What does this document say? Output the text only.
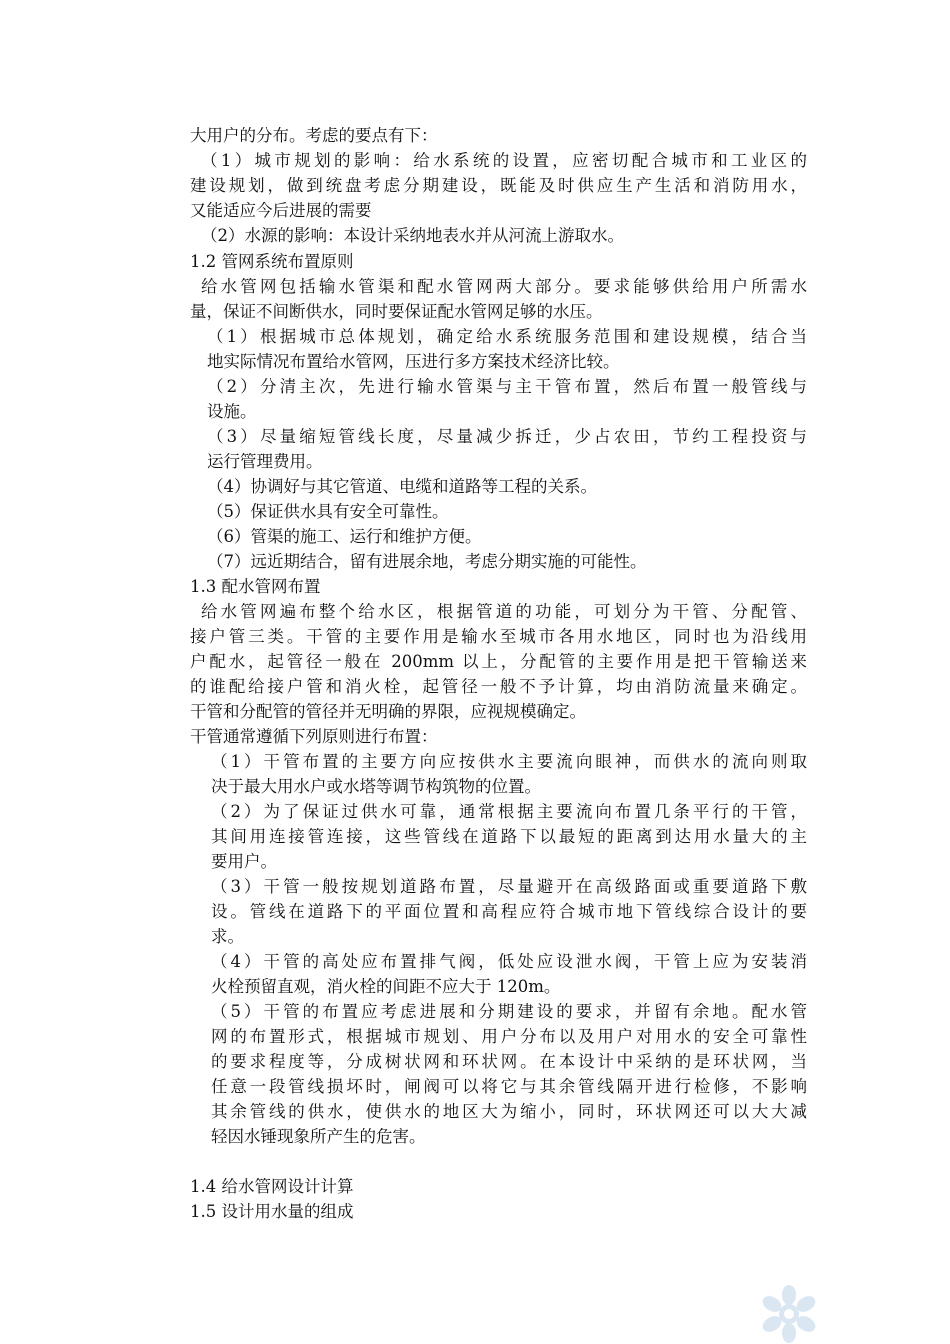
大用户的分布。考虑的要点有下：
（1）城市规划的影响：给水系统的设置，应密切配合城市和工业区的
建设规划，做到统盘考虑分期建设，既能及时供应生产生活和消防用水，
又能适应今后进展的需要
（2）水源的影响：本设计采纳地表水并从河流上游取水。
1.2 管网系统布置原则
给水管网包括输水管渠和配水管网两大部分。要求能够供给用户所需水
量，保证不间断供水，同时要保证配水管网足够的水压。
（1）根据城市总体规划，确定给水系统服务范围和建设规模，结合当
地实际情况布置给水管网，压进行多方案技术经济比较。
（2）分清主次，先进行输水管渠与主干管布置，然后布置一般管线与
设施。
（3）尽量缩短管线长度，尽量减少拆迁，少占农田，节约工程投资与
运行管理费用。
（4）协调好与其它管道、电缆和道路等工程的关系。
（5）保证供水具有安全可靠性。
（6）管渠的施工、运行和维护方便。
（7）远近期结合，留有进展余地，考虑分期实施的可能性。
1.3 配水管网布置
给水管网遍布整个给水区，根据管道的功能，可划分为干管、分配管、
接户管三类。干管的主要作用是输水至城市各用水地区，同时也为沿线用
户配水，起管径一般在 200mm 以上，分配管的主要作用是把干管输送来
的谁配给接户管和消火栓，起管径一般不予计算，均由消防流量来确定。
干管和分配管的管径并无明确的界限，应视规模确定。
干管通常遵循下列原则进行布置：
（1）干管布置的主要方向应按供水主要流向眼神，而供水的流向则取
决于最大用水户或水塔等调节构筑物的位置。
（2）为了保证过供水可靠，通常根据主要流向布置几条平行的干管，
其间用连接管连接，这些管线在道路下以最短的距离到达用水量大的主
要用户。
（3）干管一般按规划道路布置，尽量避开在高级路面或重要道路下敷
设。管线在道路下的平面位置和高程应符合城市地下管线综合设计的要
求。
（4）干管的高处应布置排气阀，低处应设泄水阀，干管上应为安装消
火栓预留直观，消火栓的间距不应大于 120m。
（5）干管的布置应考虑进展和分期建设的要求，并留有余地。配水管
网的布置形式，根据城市规划、用户分布以及用户对用水的安全可靠性
的要求程度等，分成树状网和环状网。在本设计中采纳的是环状网，当
任意一段管线损坏时，闸阀可以将它与其余管线隔开进行检修，不影响
其余管线的供水，使供水的地区大为缩小，同时，环状网还可以大大减
轻因水锤现象所产生的危害。
1.4 给水管网设计计算
1.5 设计用水量的组成
